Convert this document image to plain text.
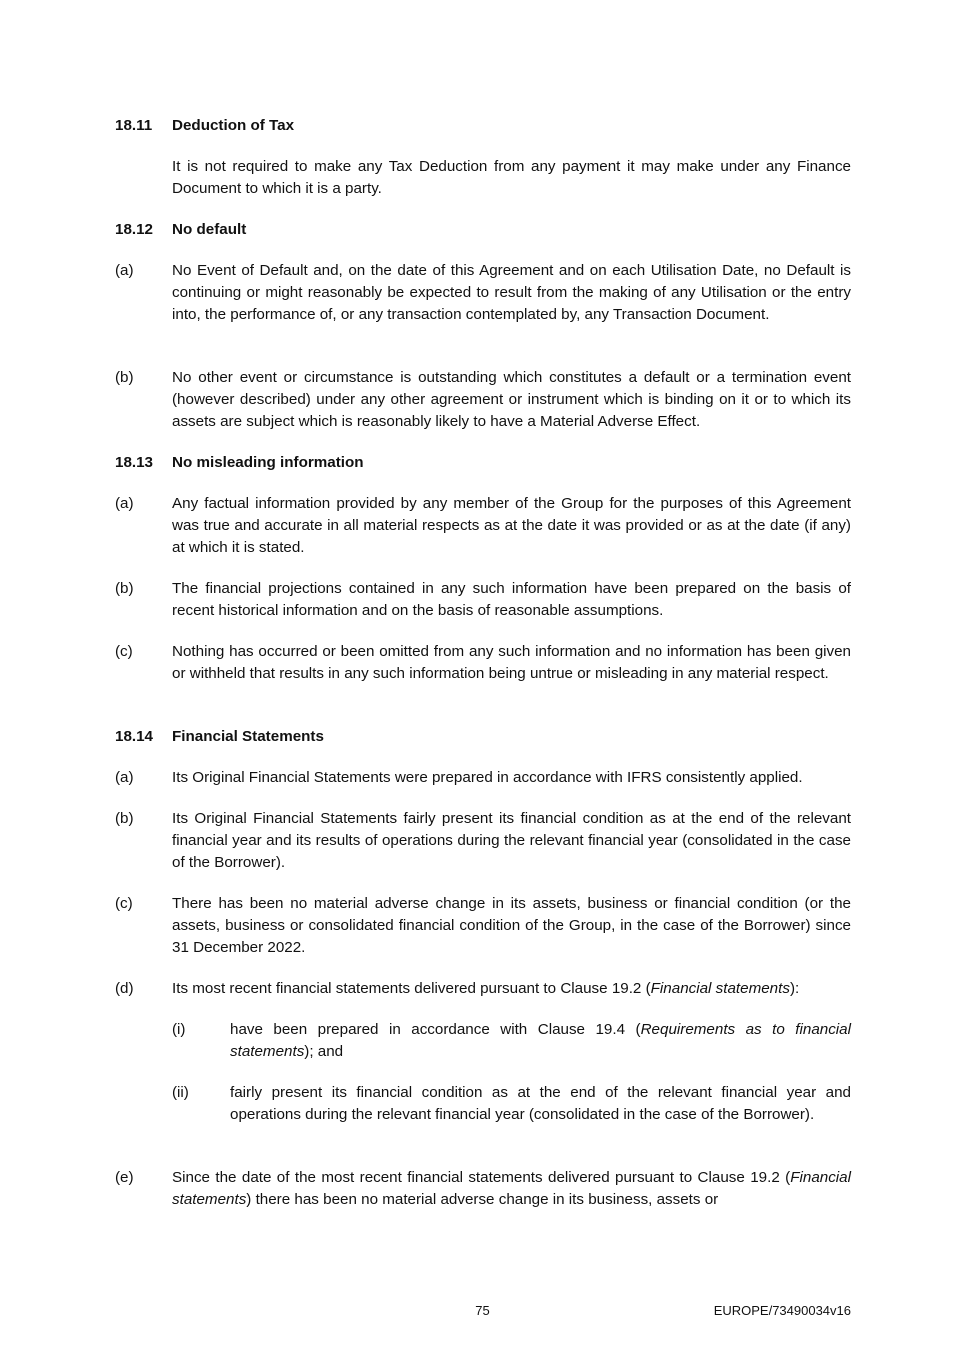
18.11 Deduction of Tax
It is not required to make any Tax Deduction from any payment it may make under any Finance Document to which it is a party.
18.12 No default
(a)	No Event of Default and, on the date of this Agreement and on each Utilisation Date, no Default is continuing or might reasonably be expected to result from the making of any Utilisation or the entry into, the performance of, or any transaction contemplated by, any Transaction Document.
(b)	No other event or circumstance is outstanding which constitutes a default or a termination event (however described) under any other agreement or instrument which is binding on it or to which its assets are subject which is reasonably likely to have a Material Adverse Effect.
18.13 No misleading information
(a)	Any factual information provided by any member of the Group for the purposes of this Agreement was true and accurate in all material respects as at the date it was provided or as at the date (if any) at which it is stated.
(b)	The financial projections contained in any such information have been prepared on the basis of recent historical information and on the basis of reasonable assumptions.
(c)	Nothing has occurred or been omitted from any such information and no information has been given or withheld that results in any such information being untrue or misleading in any material respect.
18.14 Financial Statements
(a)	Its Original Financial Statements were prepared in accordance with IFRS consistently applied.
(b)	Its Original Financial Statements fairly present its financial condition as at the end of the relevant financial year and its results of operations during the relevant financial year (consolidated in the case of the Borrower).
(c)	There has been no material adverse change in its assets, business or financial condition (or the assets, business or consolidated financial condition of the Group, in the case of the Borrower) since 31 December 2022.
(d)	Its most recent financial statements delivered pursuant to Clause 19.2 (Financial statements):
(i)	have been prepared in accordance with Clause 19.4 (Requirements as to financial statements); and
(ii)	fairly present its financial condition as at the end of the relevant financial year and operations during the relevant financial year (consolidated in the case of the Borrower).
(e)	Since the date of the most recent financial statements delivered pursuant to Clause 19.2 (Financial statements) there has been no material adverse change in its business, assets or
75	EUROPE/73490034v16
